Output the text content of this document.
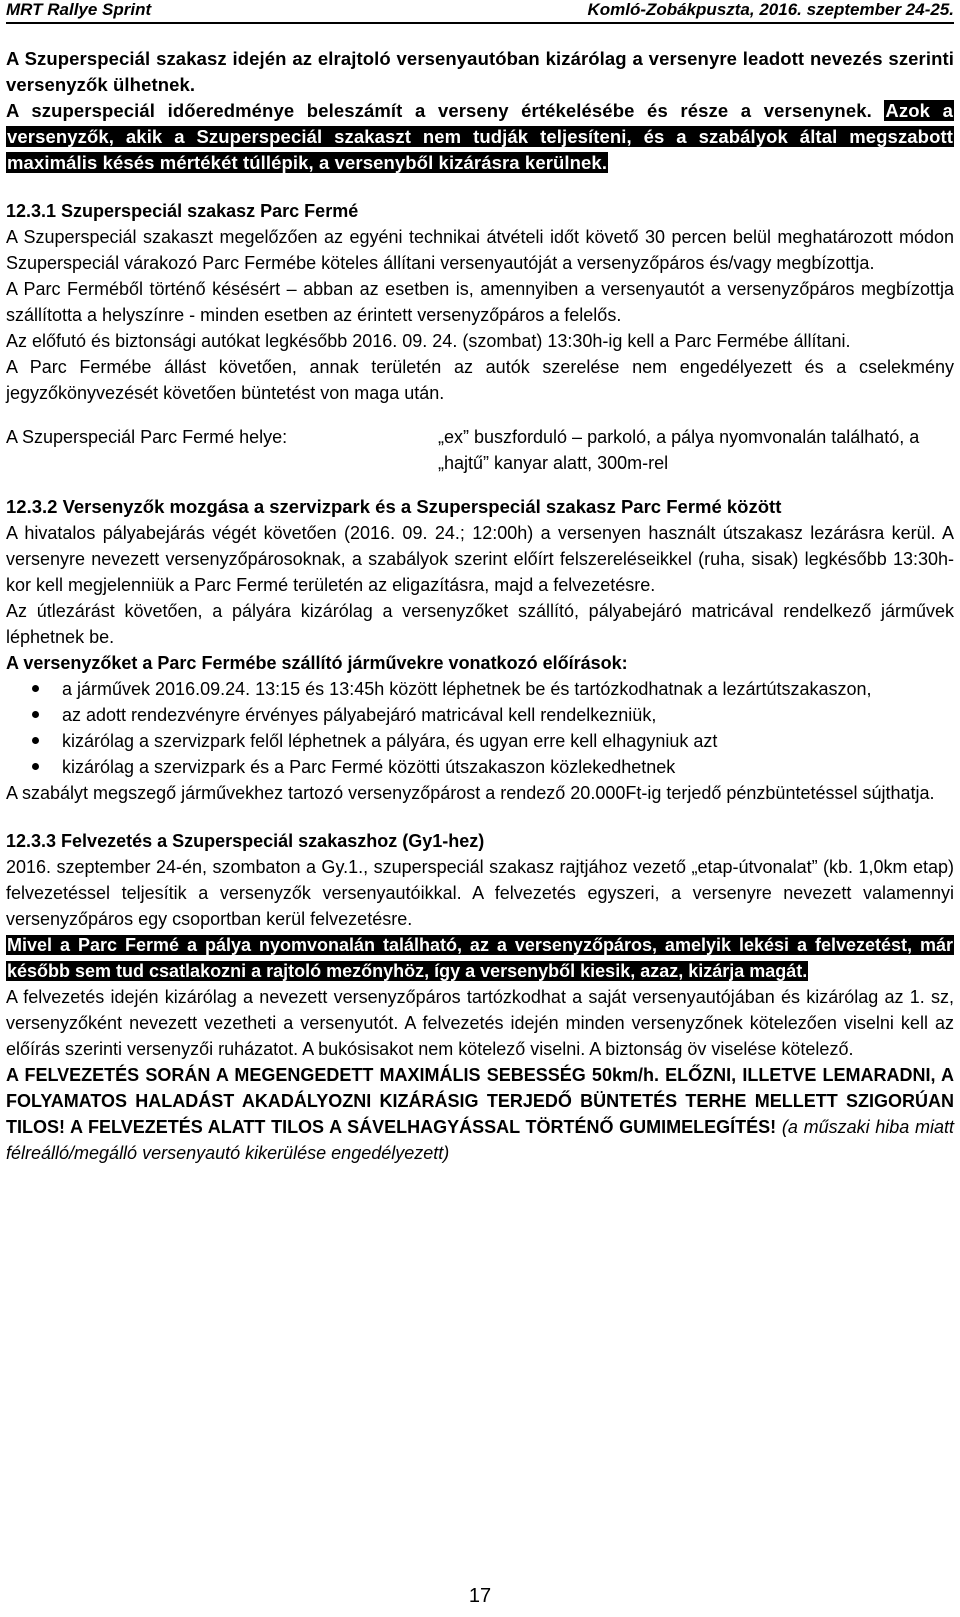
MRT Rallye Sprint	Komló-Zobákpuszta, 2016. szeptember 24-25.

A Szuperspeciál szakasz idején az elrajtoló versenyautóban kizárólag a versenyre leadott nevezés szerinti versenyzők ülhetnek.
A szuperspeciál időeredménye beleszámít a verseny értékelésébe és része a versenynek. Azok a versenyzők, akik a Szuperspeciál szakaszt nem tudják teljesíteni, és a szabályok által megszabott maximális késés mértékét túllépik, a versenyből kizárásra kerülnek.

12.3.1 Szuperspeciál szakasz Parc Fermé

A Szuperspeciál szakaszt megelőzően az egyéni technikai átvételi időt követő 30 percen belül meghatározott módon Szuperspeciál várakozó Parc Fermébe köteles állítani versenyautóját a versenyzőpáros és/vagy megbízottja.

A Parc Ferméből történő késésért – abban az esetben is, amennyiben a versenyautót a versenyzőpáros megbízottja szállította a helyszínre - minden esetben az érintett versenyzőpáros a felelős.

Az előfutó és biztonsági autókat legkésőbb 2016. 09. 24. (szombat) 13:30h-ig kell a Parc Fermébe állítani.

A Parc Fermébe állást követően, annak területén az autók szerelése nem engedélyezett és a cselekmény jegyzőkönyvezését követően büntetést von maga után.

A Szuperspeciál Parc Fermé helye:	„ex” buszforduló – parkoló, a pálya nyomvonalán található, a „hajtű” kanyar alatt, 300m-rel

12.3.2 Versenyzők mozgása a szervizpark és a Szuperspeciál szakasz Parc Fermé között

A hivatalos pályabejárás végét követően (2016. 09. 24.; 12:00h) a versenyen használt útszakasz lezárásra kerül. A versenyre nevezett versenyzőpárosoknak, a szabályok szerint előírt felszereléseikkel (ruha, sisak) legkésőbb 13:30h-kor kell megjelenniük a Parc Fermé területén az eligazításra, majd a felvezetésre.

Az útlezárást követően, a pályára kizárólag a versenyzőket szállító, pályabejáró matricával rendelkező járművek léphetnek be.

A versenyzőket a Parc Fermébe szállító járművekre vonatkozó előírások:

a járművek 2016.09.24. 13:15 és 13:45h között léphetnek be és tartózkodhatnak a lezártútszakaszon,
az adott rendezvényre érvényes pályabejáró matricával kell rendelkezniük,
kizárólag a szervizpark felől léphetnek a pályára, és ugyan erre kell elhagyniuk azt
kizárólag a szervizpark és a Parc Fermé közötti útszakaszon közlekedhetnek

A szabályt megszegő járművekhez tartozó versenyzőpárost a rendező 20.000Ft-ig terjedő pénzbüntetéssel sújthatja.

12.3.3 Felvezetés a Szuperspeciál szakaszhoz (Gy1-hez)

2016. szeptember 24-én, szombaton a Gy.1., szuperspeciál szakasz rajtjához vezető „etap-útvonalat” (kb. 1,0km etap) felvezetéssel teljesítik a versenyzők versenyautóikkal. A felvezetés egyszeri, a versenyre nevezett valamennyi versenyzőpáros egy csoportban kerül felvezetésre.

Mivel a Parc Fermé a pálya nyomvonalán található, az a versenyzőpáros, amelyik lekési a felvezetést, már később sem tud csatlakozni a rajtoló mezőnyhöz, így a versenyből kiesik, azaz, kizárja magát.

A felvezetés idején kizárólag a nevezett versenyzőpáros tartózkodhat a saját versenyautójában és kizárólag az 1. sz, versenyzőként nevezett vezetheti a versenyutót. A felvezetés idején minden versenyzőnek kötelezően viselni kell az előírás szerinti versenyzői ruházatot. A bukósisakot nem kötelező viselni. A biztonság öv viselése kötelező.

A FELVEZETÉS SORÁN A MEGENGEDETT MAXIMÁLIS SEBESSÉG 50km/h. ELŐZNI, ILLETVE LEMARADNI, A FOLYAMATOS HALADÁST AKADÁLYOZNI KIZÁRÁSIG TERJEDŐ BÜNTETÉS TERHE MELLETT SZIGORÚAN TILOS! A FELVEZETÉS ALATT TILOS A SÁVELHAGYÁSSAL TÖRTÉNŐ GUMIMELEGÍTÉS! (a műszaki hiba miatt félreálló/megálló versenyautó kikerülése engedélyezett)

17
